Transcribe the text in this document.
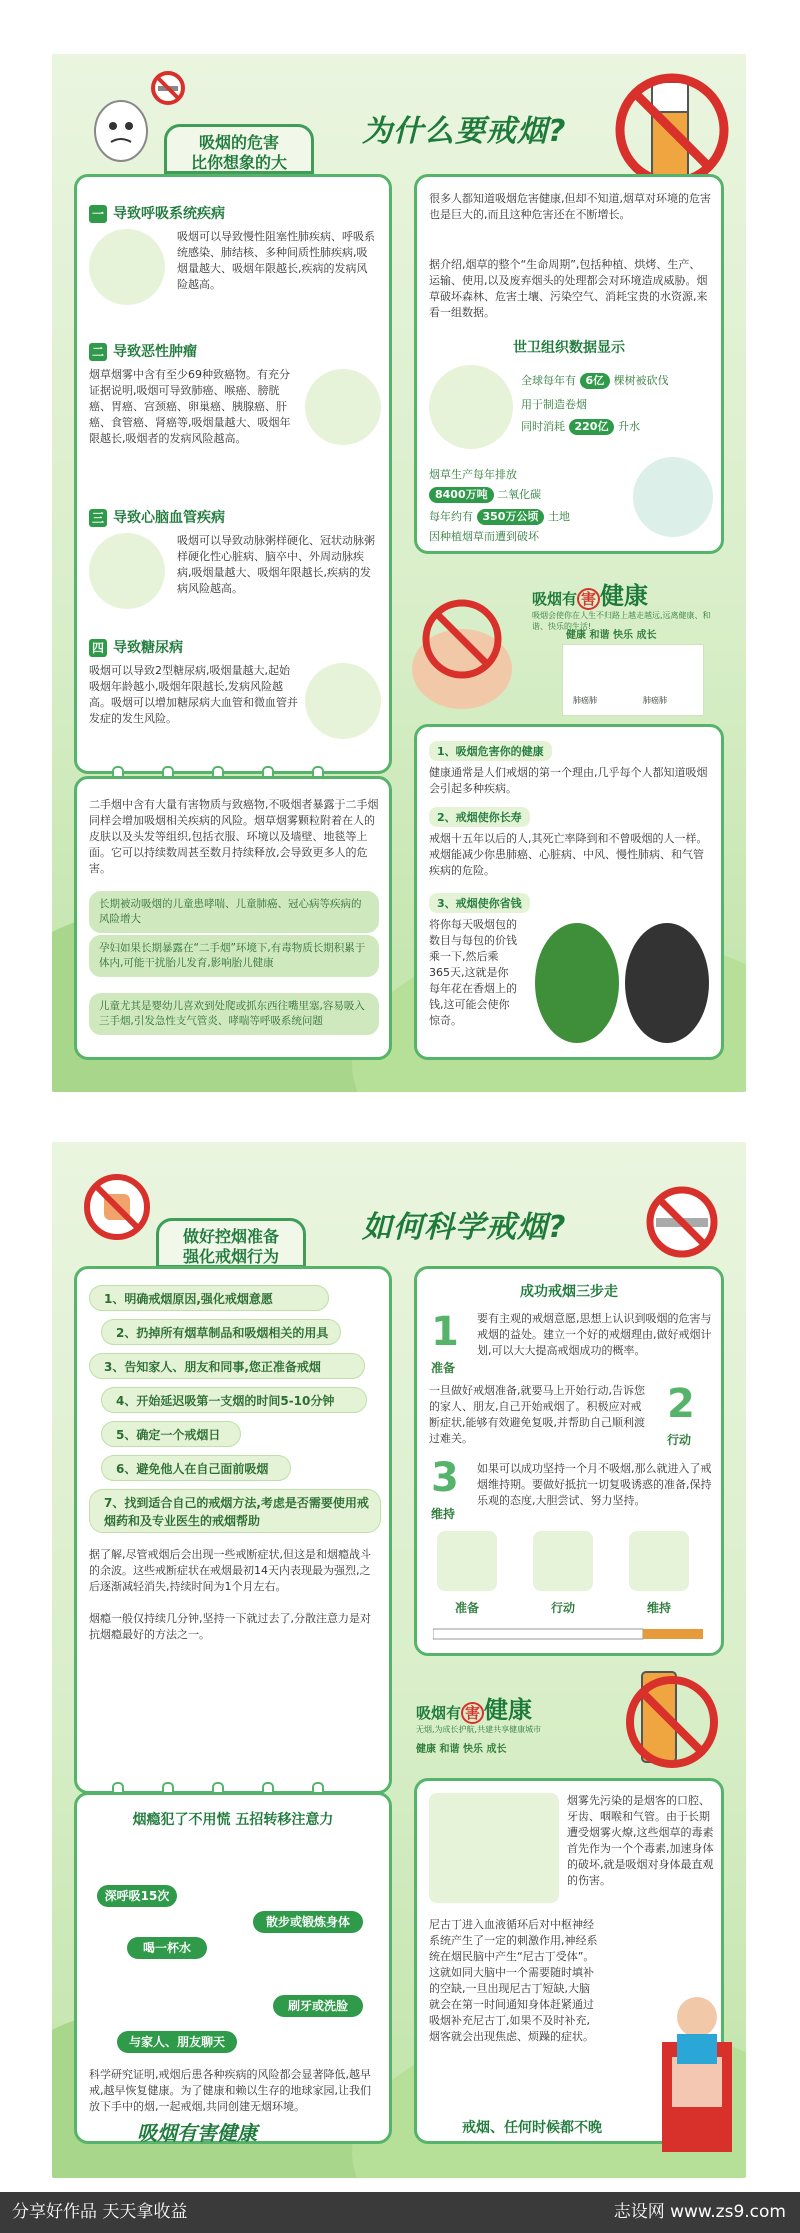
吸烟的危害
比你想象的大
为什么要戒烟?
一 导致呼吸系统疾病
吸烟可以导致慢性阻塞性肺疾病、呼吸系统感染、肺结核、多种间质性肺疾病,吸烟量越大、吸烟年限越长,疾病的发病风险越高。
二 导致恶性肿瘤
烟草烟雾中含有至少69种致癌物。有充分证据说明,吸烟可导致肺癌、喉癌、膀胱癌、胃癌、宫颈癌、卵巢癌、胰腺癌、肝癌、食管癌、肾癌等,吸烟量越大、吸烟年限越长,吸烟者的发病风险越高。
三 导致心脑血管疾病
吸烟可以导致动脉粥样硬化、冠状动脉粥样硬化性心脏病、脑卒中、外周动脉疾病,吸烟量越大、吸烟年限越长,疾病的发病风险越高。
四 导致糖尿病
吸烟可以导致2型糖尿病,吸烟量越大,起始吸烟年龄越小,吸烟年限越长,发病风险越高。吸烟可以增加糖尿病大血管和微血管并发症的发生风险。
二手烟中含有大量有害物质与致癌物,不吸烟者暴露于二手烟同样会增加吸烟相关疾病的风险。烟草烟雾颗粒附着在人的皮肤以及头发等组织,包括衣服、环境以及墙壁、地毯等上面。它可以持续数周甚至数月持续释放,会导致更多人的危害。
长期被动吸烟的儿童患哮喘、儿童肺癌、冠心病等疾病的风险增大
孕妇如果长期暴露在“二手烟”环境下,有毒物质长期积累于体内,可能干扰胎儿发育,影响胎儿健康
儿童尤其是婴幼儿喜欢到处爬或抓东西往嘴里塞,容易吸入三手烟,引发急性支气管炎、哮喘等呼吸系统问题
很多人都知道吸烟危害健康,但却不知道,烟草对环境的危害也是巨大的,而且这种危害还在不断增长。
据介绍,烟草的整个“生命周期”,包括种植、烘烤、生产、运输、使用,以及废弃烟头的处理都会对环境造成威胁。烟草破坏森林、危害土壤、污染空气、消耗宝贵的水资源,来看一组数据。
世卫组织数据显示
全球每年有 6亿 棵树被砍伐
用于制造卷烟
同时消耗 220亿 升水
烟草生产每年排放
8400万吨 二氧化碳
每年约有 350万公顷 土地
因种植烟草而遭到破坏
吸烟有 害 健康
吸烟会使你在人生不归路上越走越远,远离健康、和谐、快乐的生活!
健康 和谐 快乐 成长
肺癌肺	肺癌肺
1、吸烟危害你的健康
健康通常是人们戒烟的第一个理由,几乎每个人都知道吸烟会引起多种疾病。
2、戒烟使你长寿
戒烟十五年以后的人,其死亡率降到和不曾吸烟的人一样。戒烟能减少你患肺癌、心脏病、中风、慢性肺病、和气管疾病的危险。
3、戒烟使你省钱
将你每天吸烟包的数目与每包的价钱乘一下,然后乘365天,这就是你每年花在香烟上的钱,这可能会使你惊奇。
做好控烟准备
强化戒烟行为
如何科学戒烟?
1、明确戒烟原因,强化戒烟意愿
2、扔掉所有烟草制品和吸烟相关的用具
3、告知家人、朋友和同事,您正准备戒烟
4、开始延迟吸第一支烟的时间5-10分钟
5、确定一个戒烟日
6、避免他人在自己面前吸烟
7、找到适合自己的戒烟方法,考虑是否需要使用戒烟药和及专业医生的戒烟帮助
据了解,尽管戒烟后会出现一些戒断症状,但这是和烟瘾战斗的余波。这些戒断症状在戒烟最初14天内表现最为强烈,之后逐渐减轻消失,持续时间为1个月左右。
烟瘾一般仅持续几分钟,坚持一下就过去了,分散注意力是对抗烟瘾最好的方法之一。
烟瘾犯了不用慌 五招转移注意力
深呼吸15次
散步或锻炼身体
喝一杯水
刷牙或洗脸
与家人、朋友聊天
科学研究证明,戒烟后患各种疾病的风险都会显著降低,越早戒,越早恢复健康。为了健康和赖以生存的地球家园,让我们放下手中的烟,一起戒烟,共同创建无烟环境。
吸烟有害健康
成功戒烟三步走
1
准备
要有主观的戒烟意愿,思想上认识到吸烟的危害与戒烟的益处。建立一个好的戒烟理由,做好戒烟计划,可以大大提高戒烟成功的概率。
一旦做好戒烟准备,就要马上开始行动,告诉您的家人、朋友,自己开始戒烟了。积极应对戒断症状,能够有效避免复吸,并帮助自己顺利渡过难关。
2
行动
3
维持
如果可以成功坚持一个月不吸烟,那么就进入了戒烟维持期。要做好抵抗一切复吸诱惑的准备,保持乐观的态度,大胆尝试、努力坚持。
准备	行动	维持
吸烟有 害 健康
无烟,为成长护航,共建共享健康城市
健康 和谐 快乐 成长
烟雾先污染的是烟客的口腔、牙齿、咽喉和气管。由于长期遭受烟雾火燎,这些烟草的毒素首先作为一个个毒素,加速身体的破坏,就是吸烟对身体最直观的伤害。
尼古丁进入血液循环后对中枢神经系统产生了一定的刺激作用,神经系统在烟民脑中产生“尼古丁受体”。这就如同大脑中一个需要随时填补的空缺,一旦出现尼古丁短缺,大脑就会在第一时间通知身体赶紧通过吸烟补充尼古丁,如果不及时补充,烟客就会出现焦虑、烦躁的症状。
戒烟、任何时候都不晚
分享好作品 天天拿收益	志设网 www.zs9.com
